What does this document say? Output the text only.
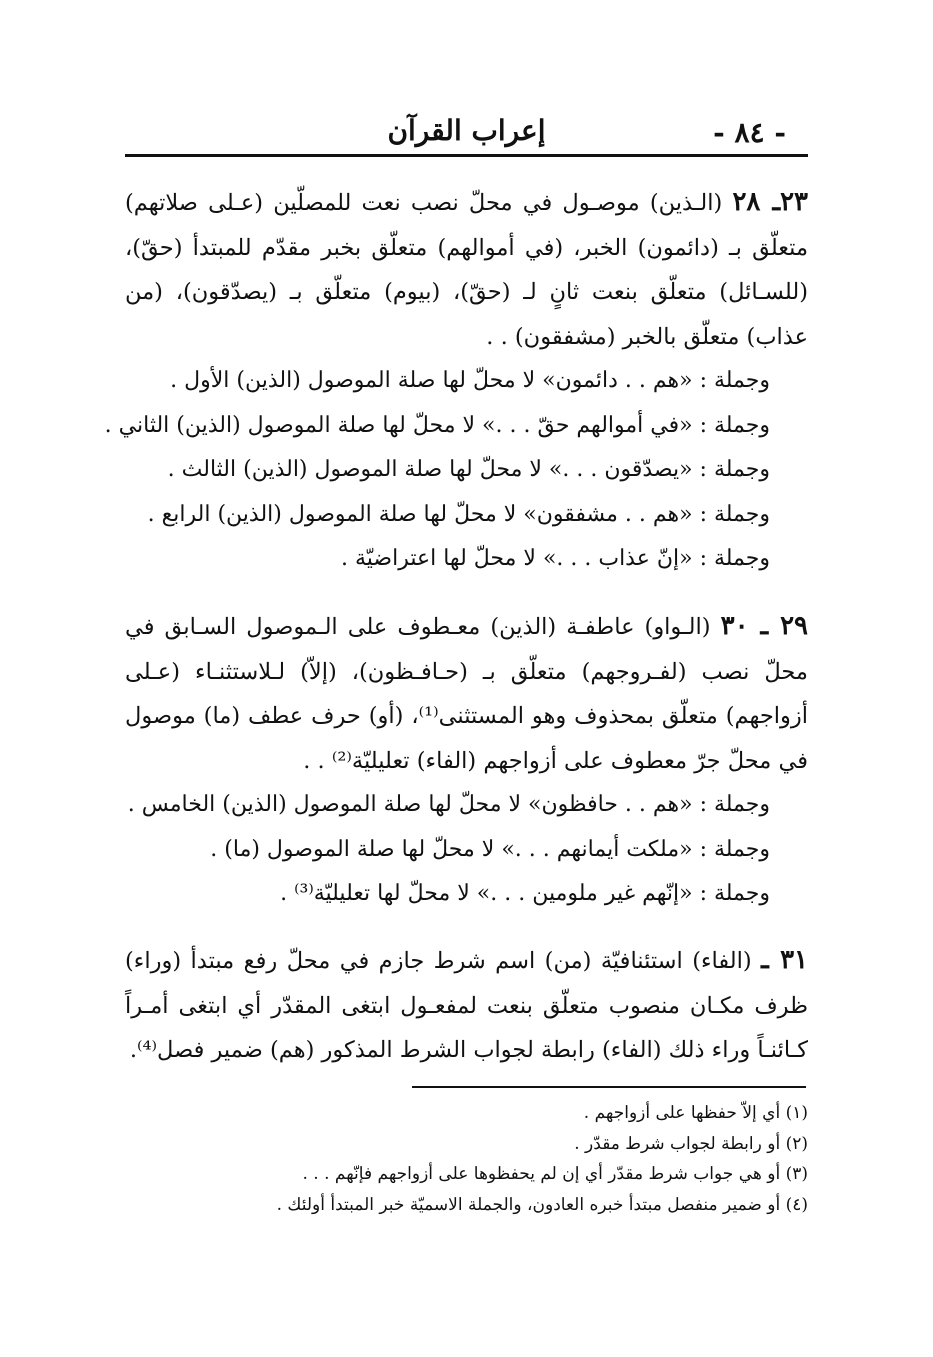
- ٨٤ -
إعراب القرآن

٢٣ـ ٢٨ (الـذين) موصـول في محلّ نصب نعت للمصلّين (عـلى صلاتهم) متعلّق بـ (دائمون) الخبر، (في أموالهم) متعلّق بخبر مقدّم للمبتدأ (حقّ)، (للسـائل) متعلّق بنعت ثانٍ لـ (حقّ)، (بيوم) متعلّق بـ (يصدّقون)، (من عذاب) متعلّق بالخبر (مشفقون) . .

وجملة : «هم . . دائمون» لا محلّ لها صلة الموصول (الذين) الأول .
وجملة : «في أموالهم حقّ . . .» لا محلّ لها صلة الموصول (الذين) الثاني .
وجملة : «يصدّقون . . .» لا محلّ لها صلة الموصول (الذين) الثالث .
وجملة : «هم . . مشفقون» لا محلّ لها صلة الموصول (الذين) الرابع .
وجملة : «إنّ عذاب . . .» لا محلّ لها اعتراضيّة .

٢٩ ـ ٣٠ (الـواو) عاطفـة (الذين) معـطوف على الـموصول السـابق في محلّ نصب (لفـروجهم) متعلّق بـ (حـافـظون)، (إلاّ) لـلاستثنـاء (عـلى أزواجهم) متعلّق بمحذوف وهو المستثنى⁽¹⁾، (أو) حرف عطف (ما) موصول في محلّ جرّ معطوف على أزواجهم (الفاء) تعليليّة⁽²⁾ . .

وجملة : «هم . . حافظون» لا محلّ لها صلة الموصول (الذين) الخامس .
وجملة : «ملكت أيمانهم . . .» لا محلّ لها صلة الموصول (ما) .
وجملة : «إنّهم غير ملومين . . .» لا محلّ لها تعليليّة⁽³⁾ .

٣١ ـ (الفاء) استئنافيّة (من) اسم شرط جازم في محلّ رفع مبتدأ (وراء) ظرف مكـان منصوب متعلّق بنعت لمفعـول ابتغى المقدّر أي ابتغى أمـراً كـائنـاً وراء ذلك (الفاء) رابطة لجواب الشرط المذكور (هم) ضمير فصل⁽⁴⁾.

(١) أي إلاّ حفظها على أزواجهم .
(٢) أو رابطة لجواب شرط مقدّر .
(٣) أو هي جواب شرط مقدّر أي إن لم يحفظوها على أزواجهم فإنّهم . . .
(٤) أو ضمير منفصل مبتدأ خبره العادون، والجملة الاسميّة خبر المبتدأ أولئك .
